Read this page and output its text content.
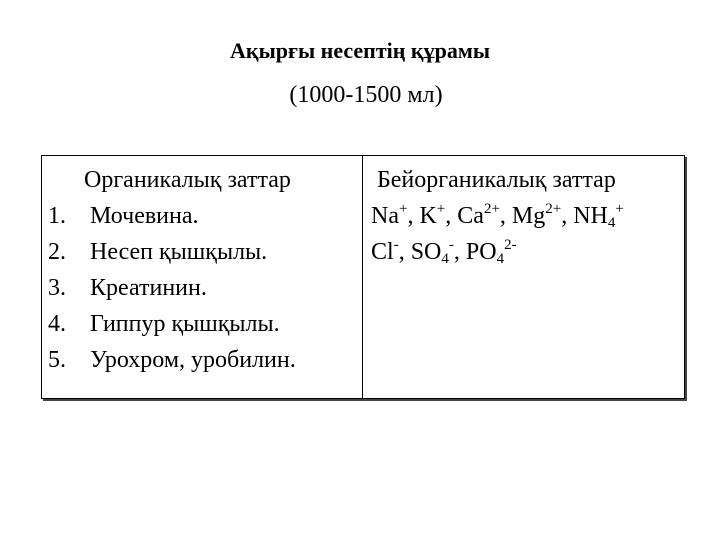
Ақырғы несептің құрамы
(1000-1500 мл)
Органикалық заттар
1.	Мочевина.
2.	Несеп қышқылы.
3.	Креатинин.
4.	Гиппур қышқылы.
5.	Урохром, уробилин.
Бейорганикалық заттар
Na+, K+, $Ca^{2+}$, $Mg^{2+}$, $NH_4^+$
Cl-, $SO_4^-$, $PO_4^{2-}$
